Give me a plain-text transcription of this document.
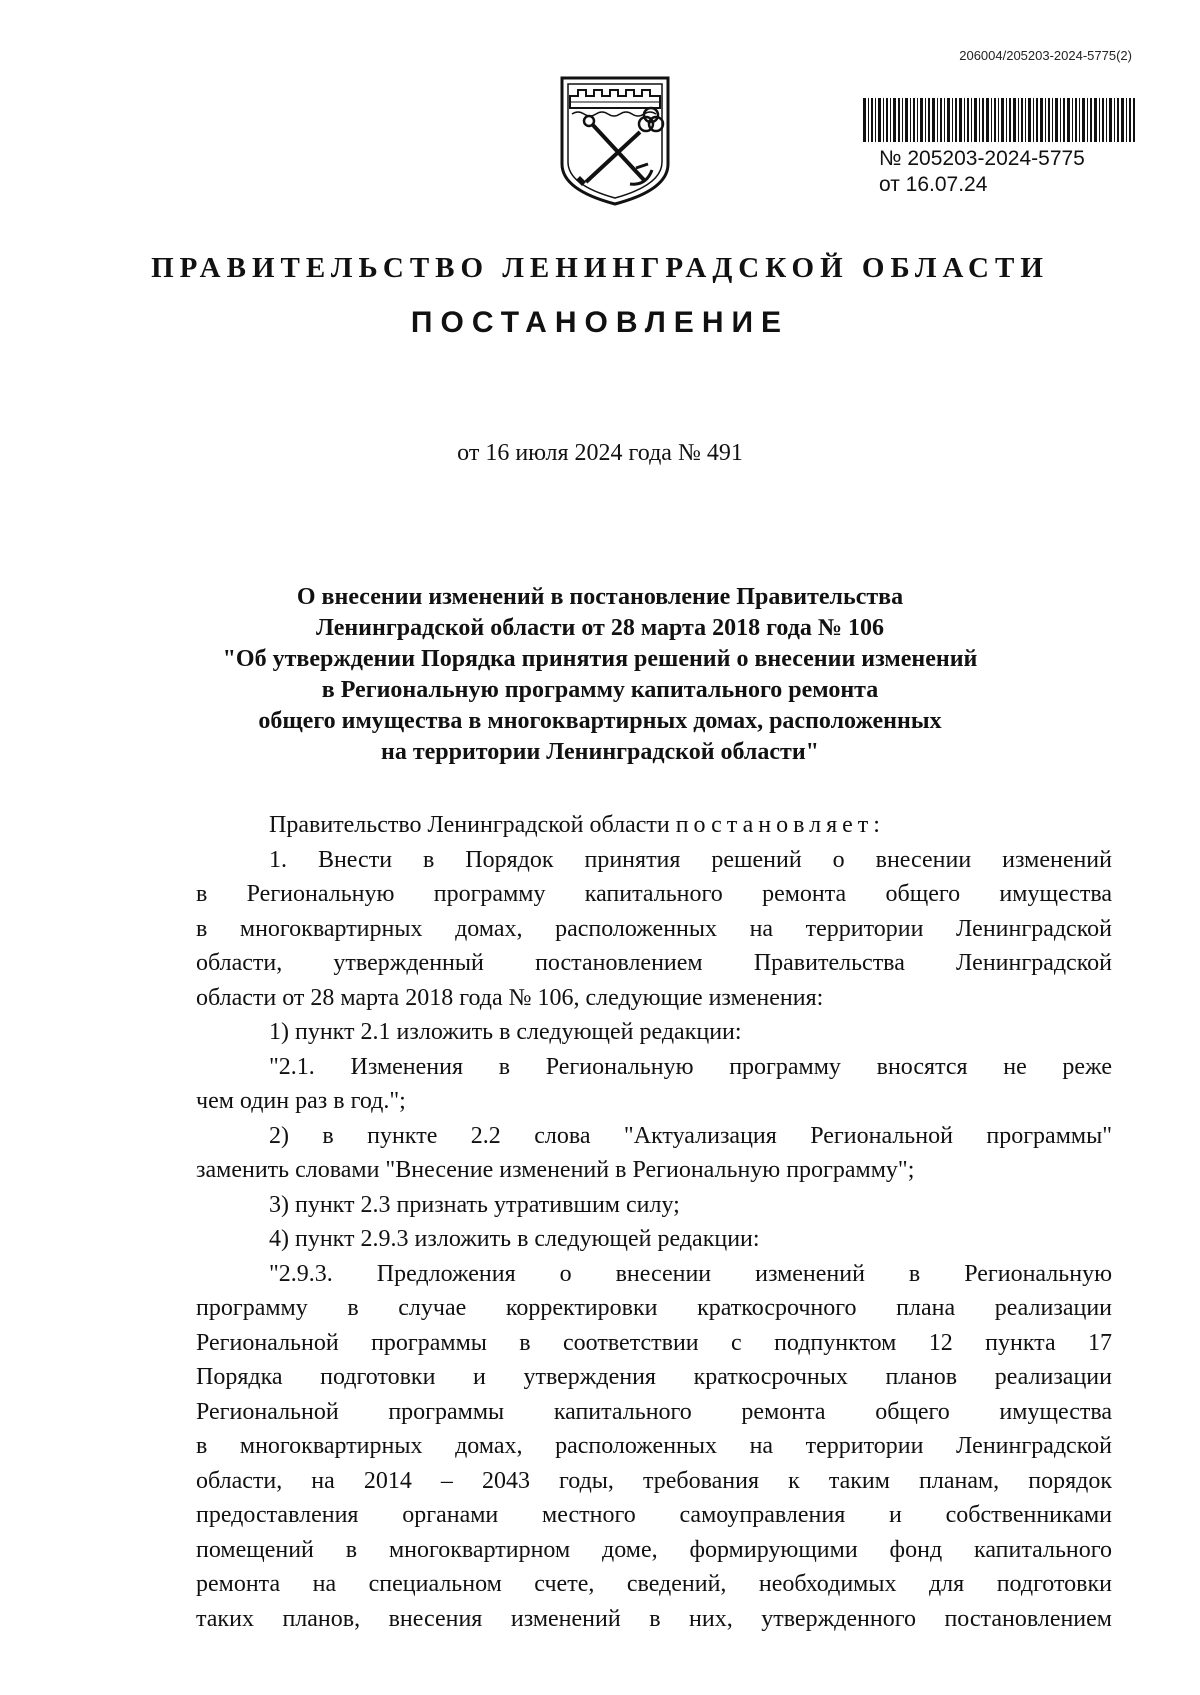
206004/205203-2024-5775(2)
№ 205203-2024-5775
от 16.07.24
ПРАВИТЕЛЬСТВО ЛЕНИНГРАДСКОЙ ОБЛАСТИ
ПОСТАНОВЛЕНИЕ
от 16 июля 2024 года № 491
О внесении изменений в постановление Правительства
Ленинградской области от 28 марта 2018 года № 106
"Об утверждении Порядка принятия решений о внесении изменений
в Региональную программу капитального ремонта
общего имущества в многоквартирных домах, расположенных
на территории Ленинградской области"
Правительство Ленинградской области постановляет:
1. Внести в Порядок принятия решений о внесении изменений
в Региональную программу капитального ремонта общего имущества
в многоквартирных домах, расположенных на территории Ленинградской
области, утвержденный постановлением Правительства Ленинградской
области от 28 марта 2018 года № 106, следующие изменения:
1) пункт 2.1 изложить в следующей редакции:
"2.1. Изменения в Региональную программу вносятся не реже
чем один раз в год.";
2) в пункте 2.2 слова "Актуализация Региональной программы"
заменить словами "Внесение изменений в Региональную программу";
3) пункт 2.3 признать утратившим силу;
4) пункт 2.9.3 изложить в следующей редакции:
"2.9.3. Предложения о внесении изменений в Региональную
программу в случае корректировки краткосрочного плана реализации
Региональной программы в соответствии с подпунктом 12 пункта 17
Порядка подготовки и утверждения краткосрочных планов реализации
Региональной программы капитального ремонта общего имущества
в многоквартирных домах, расположенных на территории Ленинградской
области, на 2014 – 2043 годы, требования к таким планам, порядок
предоставления органами местного самоуправления и собственниками
помещений в многоквартирном доме, формирующими фонд капитального
ремонта на специальном счете, сведений, необходимых для подготовки
таких планов, внесения изменений в них, утвержденного постановлением
